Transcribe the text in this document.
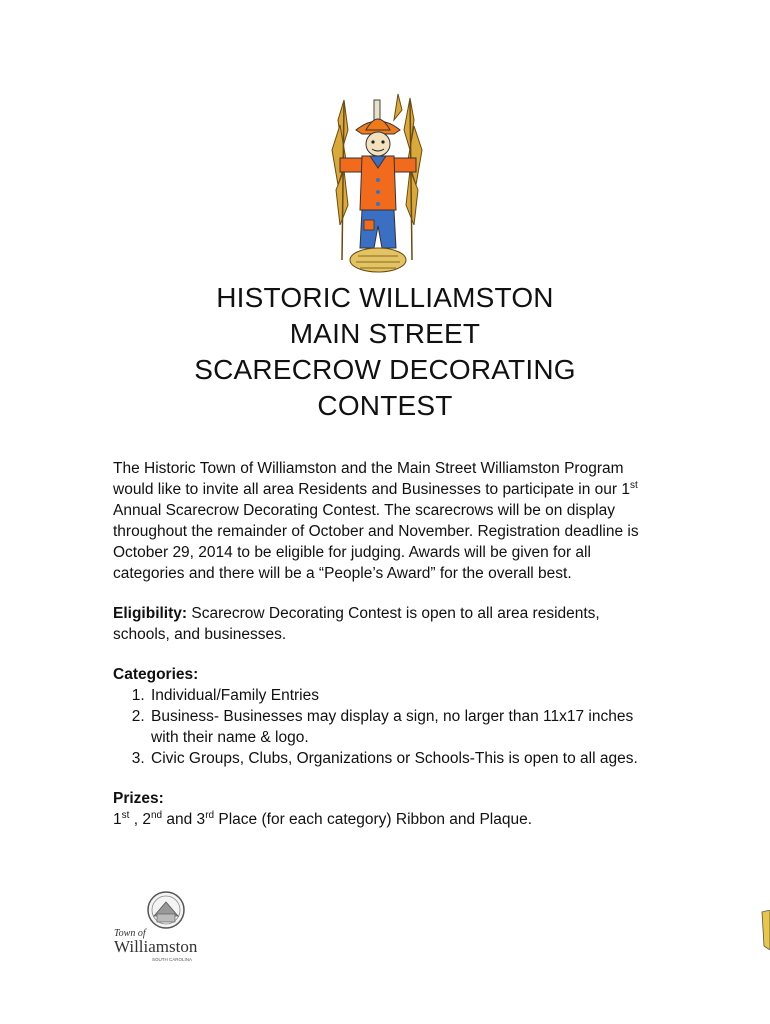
HISTORIC WILLIAMSTON
MAIN STREET
SCARECROW DECORATING
CONTEST

The Historic Town of Williamston and the Main Street Williamston Program would like to invite all area Residents and Businesses to participate in our 1st Annual Scarecrow Decorating Contest. The scarecrows will be on display throughout the remainder of October and November. Registration deadline is October 29, 2014 to be eligible for judging. Awards will be given for all categories and there will be a “People’s Award” for the overall best.

Eligibility: Scarecrow Decorating Contest is open to all area residents, schools, and businesses.

Categories:
1. Individual/Family Entries
2. Business- Businesses may display a sign, no larger than 11x17 inches with their name & logo.
3. Civic Groups, Clubs, Organizations or Schools-This is open to all ages.
Prizes:

1st , 2nd and 3rd Place (for each category) Ribbon and Plaque.

Town of
Williamston
SOUTH CAROLINA
